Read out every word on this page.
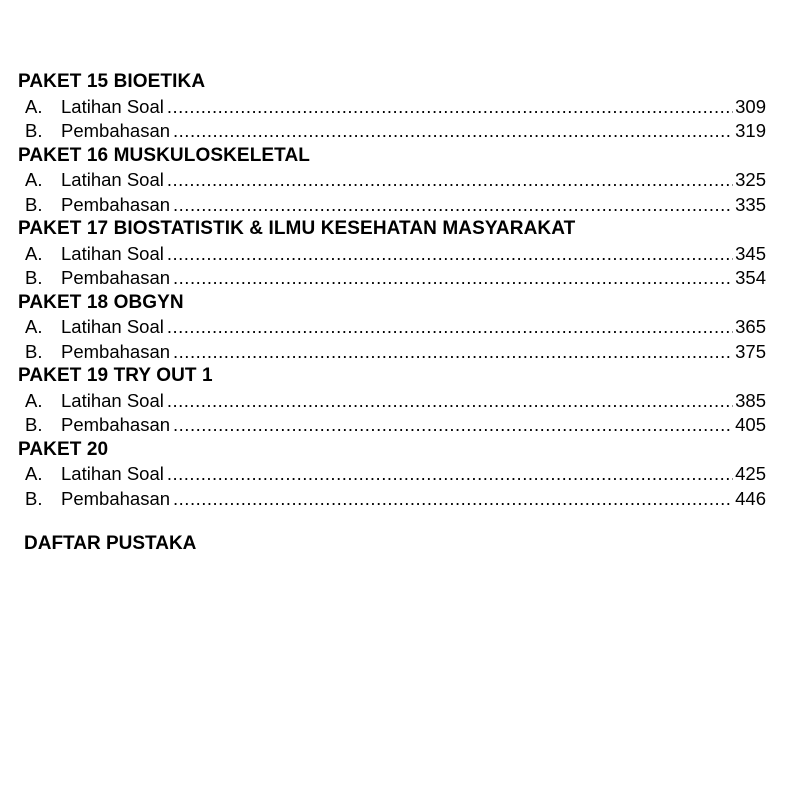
PAKET 15 BIOETIKA
A.	Latihan Soal .....	309
B.	Pembahasan .....	319
PAKET 16 MUSKULOSKELETAL
A.	Latihan Soal .....	325
B.	Pembahasan .....	335
PAKET 17 BIOSTATISTIK & ILMU KESEHATAN MASYARAKAT
A.	Latihan Soal .....	345
B.	Pembahasan .....	354
PAKET 18 OBGYN
A.	Latihan Soal .....	365
B.	Pembahasan .....	375
PAKET 19 TRY OUT 1
A.	Latihan Soal .....	385
B.	Pembahasan .....	405
PAKET 20
A.	Latihan Soal .....	425
B.	Pembahasan .....	446
DAFTAR PUSTAKA
